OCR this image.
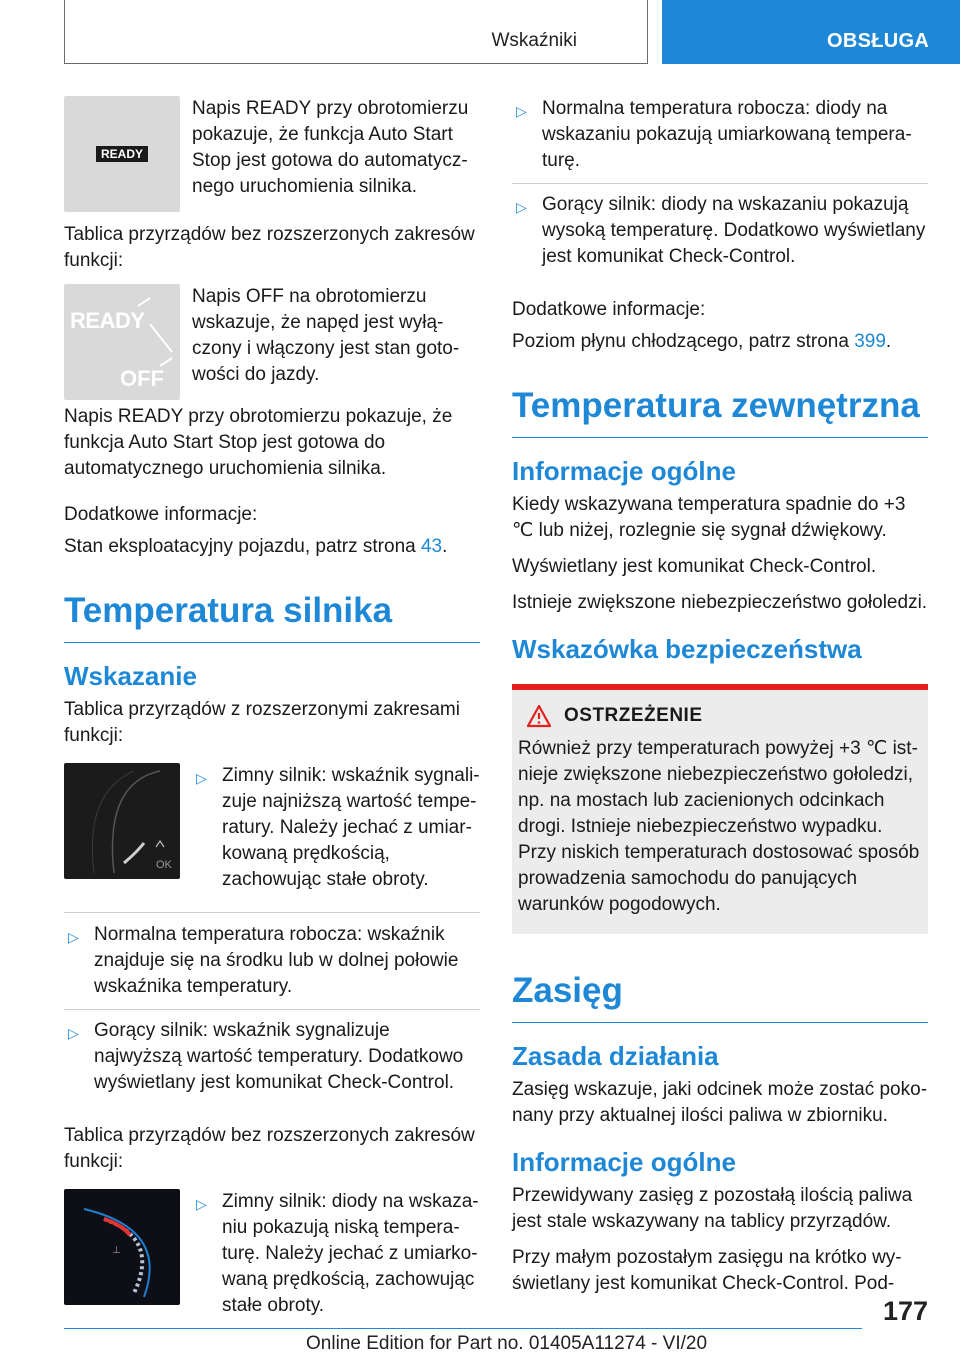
Wskaźniki	OBSŁUGA
READY

Napis READY przy obrotomierzu pokazuje, że funkcja Auto Start Stop jest gotowa do automatycznego uruchomienia silnika.

Tablica przyrządów bez rozszerzonych zakresów funkcji:

READY
OFF

Napis OFF na obrotomierzu wskazuje, że napęd jest wyłączony i włączony jest stan gotowości do jazdy.

Napis READY przy obrotomierzu pokazuje, że funkcja Auto Start Stop jest gotowa do automatycznego uruchomienia silnika.

Dodatkowe informacje:

Stan eksploatacyjny pojazdu, patrz strona 43.

Temperatura silnika
Wskazanie

Tablica przyrządów z rozszerzonymi zakresami funkcji:

OK
▷ Zimny silnik: wskaźnik sygnalizuje najniższą wartość temperatury. Należy jechać z umiarkowaną prędkością, zachowując stałe obroty.
▷ Normalna temperatura robocza: wskaźnik znajduje się na środku lub w dolnej połowie wskaźnika temperatury.
▷ Gorący silnik: wskaźnik sygnalizuje najwyższą wartość temperatury. Dodatkowo wyświetlany jest komunikat Check-Control.

Tablica przyrządów bez rozszerzonych zakresów funkcji:

⊥
▷ Zimny silnik: diody na wskazaniu pokazują niską temperaturę. Należy jechać z umiarkowaną prędkością, zachowując stałe obroty.
▷ Normalna temperatura robocza: diody na wskazaniu pokazują umiarkowaną temperaturę.
▷ Gorący silnik: diody na wskazaniu pokazują wysoką temperaturę. Dodatkowo wyświetlany jest komunikat Check-Control.

Dodatkowe informacje:

Poziom płynu chłodzącego, patrz strona 399.

Temperatura zewnętrzna
Informacje ogólne

Kiedy wskazywana temperatura spadnie do +3 ℃ lub niżej, rozlegnie się sygnał dźwiękowy.

Wyświetlany jest komunikat Check-Control.

Istnieje zwiększone niebezpieczeństwo gołoledzi.

Wskazówka bezpieczeństwa
OSTRZEŻENIE

Również przy temperaturach powyżej +3 ℃ istnieje zwiększone niebezpieczeństwo gołoledzi, np. na mostach lub zacienionych odcinkach drogi. Istnieje niebezpieczeństwo wypadku. Przy niskich temperaturach dostosować sposób prowadzenia samochodu do panujących warunków pogodowych.

Zasięg
Zasada działania

Zasięg wskazuje, jaki odcinek może zostać pokonany przy aktualnej ilości paliwa w zbiorniku.

Informacje ogólne

Przewidywany zasięg z pozostałą ilością paliwa jest stale wskazywany na tablicy przyrządów.

Przy małym pozostałym zasięgu na krótko wyświetlany jest komunikat Check-Control. Pod-

177
Online Edition for Part no. 01405A11274 - VI/20
